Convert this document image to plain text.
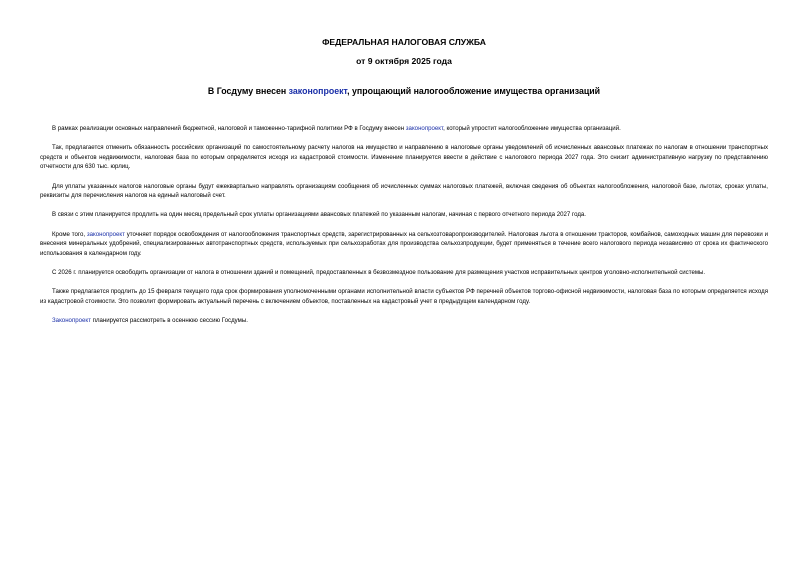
ФЕДЕРАЛЬНАЯ НАЛОГОВАЯ СЛУЖБА
от 9 октября 2025 года
В Госдуму внесен законопроект, упрощающий налогообложение имущества организаций

В рамках реализации основных направлений бюджетной, налоговой и таможенно-тарифной политики РФ в Госдуму внесен законопроект, который упростит налогообложение имущества организаций.

Так, предлагается отменить обязанность российских организаций по самостоятельному расчету налогов на имущество и направлению в налоговые органы уведомлений об исчисленных авансовых платежах по налогам в отношении транспортных средств и объектов недвижимости, налоговая база по которым определяется исходя из кадастровой стоимости. Изменение планируется ввести в действие с налогового периода 2027 года. Это снизит административную нагрузку по представлению отчетности для 630 тыс. юрлиц.

Для уплаты указанных налогов налоговые органы будут ежеквартально направлять организациям сообщения об исчисленных суммах налоговых платежей, включая сведения об объектах налогообложения, налоговой базе, льготах, сроках уплаты, реквизиты для перечисления налогов на единый налоговый счет.

В связи с этим планируется продлить на один месяц предельный срок уплаты организациями авансовых платежей по указанным налогам, начиная с первого отчетного периода 2027 года.

Кроме того, законопроект уточняет порядок освобождения от налогообложения транспортных средств, зарегистрированных на сельхозтоваропроизводителей. Налоговая льгота в отношении тракторов, комбайнов, самоходных машин для перевозки и внесения минеральных удобрений, специализированных автотранспортных средств, используемых при сельхозработах для производства сельхозпродукции, будет применяться в течение всего налогового периода независимо от срока их фактического использования в календарном году.

С 2026 г. планируется освободить организации от налога в отношении зданий и помещений, предоставленных в безвозмездное пользование для размещения участков исправительных центров уголовно-исполнительной системы.

Также предлагается продлить до 15 февраля текущего года срок формирования уполномоченными органами исполнительной власти субъектов РФ перечней объектов торгово-офисной недвижимости, налоговая база по которым определяется исходя из кадастровой стоимости. Это позволит формировать актуальный перечень с включением объектов, поставленных на кадастровый учет в предыдущем календарном году.

Законопроект планируется рассмотреть в осеннюю сессию Госдумы.
